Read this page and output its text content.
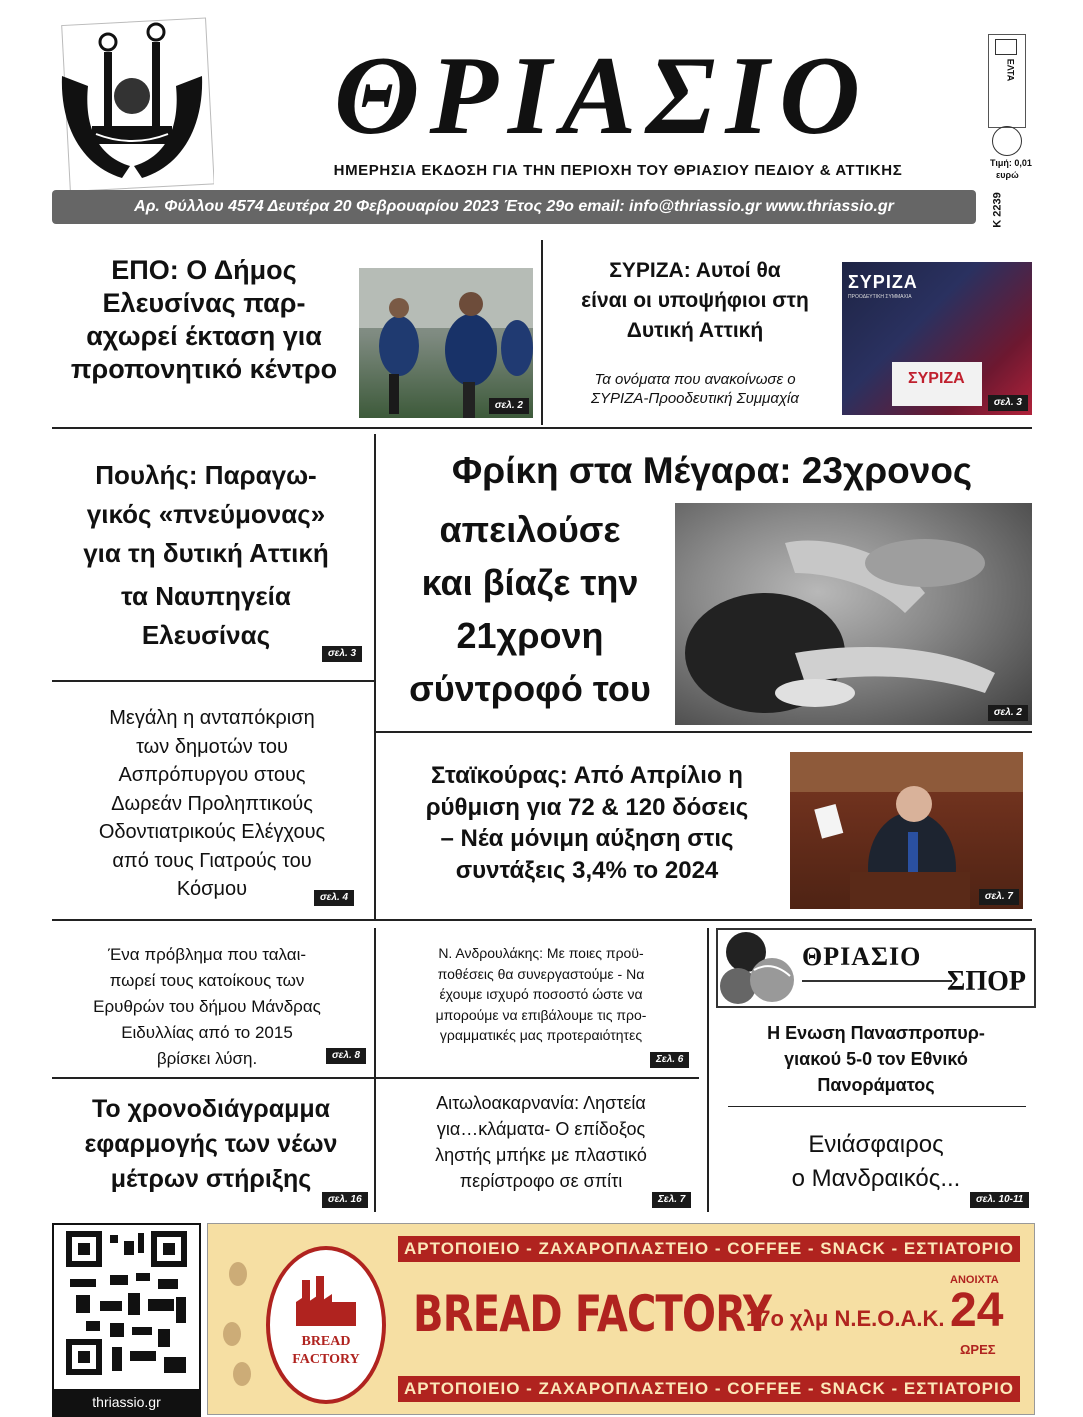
ΘΡΙΑΣΙΟ
ΗΜΕΡΗΣΙΑ ΕΚΔΟΣΗ ΓΙΑ ΤΗΝ ΠΕΡΙΟΧΗ ΤΟΥ ΘΡΙΑΣΙΟΥ ΠΕΔΙΟΥ & ΑΤΤΙΚΗΣ
Αρ. Φύλλου 4574 Δευτέρα 20 Φεβρουαρίου 2023 Έτος 29ο email: info@thriassio.gr www.thriassio.gr
ΕΛΤΑ
Τιμή: 0,01
ευρώ
Κ 2239
ΕΠΟ: Ο Δήμος
Ελευσίνας παρ-
αχωρεί έκταση για
προπονητικό κέντρο
σελ. 2
ΣΥΡΙΖΑ: Αυτοί θα
είναι οι υποψήφιοι στη
Δυτική Αττική
Τα ονόματα που ανακοίνωσε ο
ΣΥΡΙΖΑ-Προοδευτική Συμμαχία
ΣΥΡΙΖΑ
ΠΡΟΟΔΕΥΤΙΚΗ ΣΥΜΜΑΧΙΑ
ΣΥΡΙΖΑ
σελ. 3
Πουλής: Παραγω-
γικός «πνεύμονας»
για τη δυτική Αττική
τα Ναυπηγεία
Ελευσίνας
σελ. 3
Φρίκη στα Μέγαρα: 23χρονος
απειλούσε
και βίαζε την
21χρονη
σύντροφό του
σελ. 2
Μεγάλη η ανταπόκριση
των δημοτών του
Ασπρόπυργου στους
Δωρεάν Προληπτικούς
Οδοντιατρικούς Ελέγχους
από τους Γιατρούς του
Κόσμου	σελ. 4
Σταϊκούρας: Από Απρίλιο η
ρύθμιση για 72 & 120 δόσεις
– Νέα μόνιμη αύξηση στις
συντάξεις 3,4% το 2024
σελ. 7
Ένα πρόβλημα που ταλαι-
πωρεί τους κατοίκους των
Ερυθρών του δήμου Μάνδρας
Ειδυλλίας από το 2015
βρίσκει λύση.	σελ. 8
Ν. Ανδρουλάκης: Με ποιες προϋ-
ποθέσεις θα συνεργαστούμε - Να
έχουμε ισχυρό ποσοστό ώστε να
μπορούμε να επιβάλουμε τις προ-
γραμματικές μας προτεραιότητες
Σελ. 6
ΘΡΙΑΣΙΟ
ΣΠΟΡ
Η Ενωση Πανασπροπυρ-
γιακού 5-0 τον Εθνικό
Πανοράματος
Ενιάσφαιρος
ο Μανδραικός...
σελ. 10-11
Το χρονοδιάγραμμα
εφαρμογής των νέων
μέτρων στήριξης
σελ. 16
Αιτωλοακαρνανία: Ληστεία
για…κλάματα- Ο επίδοξος
ληστής μπήκε με πλαστικό
περίστροφο σε σπίτι
Σελ. 7
thriassio.gr
ΑΡΤΟΠΟΙΕΙΟ - ΖΑΧΑΡΟΠΛΑΣΤΕΙΟ - COFFEE - SNACK - ΕΣΤΙΑΤΟΡΙΟ
ΑΡΤΟΠΟΙΕΙΟ - ΖΑΧΑΡΟΠΛΑΣΤΕΙΟ - COFFEE - SNACK - ΕΣΤΙΑΤΟΡΙΟ
BREAD
FACTORY
BREAD FACTORY
17ο χλμ Ν.Ε.Ο.Α.Κ.
ΑΝΟΙΧΤΑ
24
ΩΡΕΣ
